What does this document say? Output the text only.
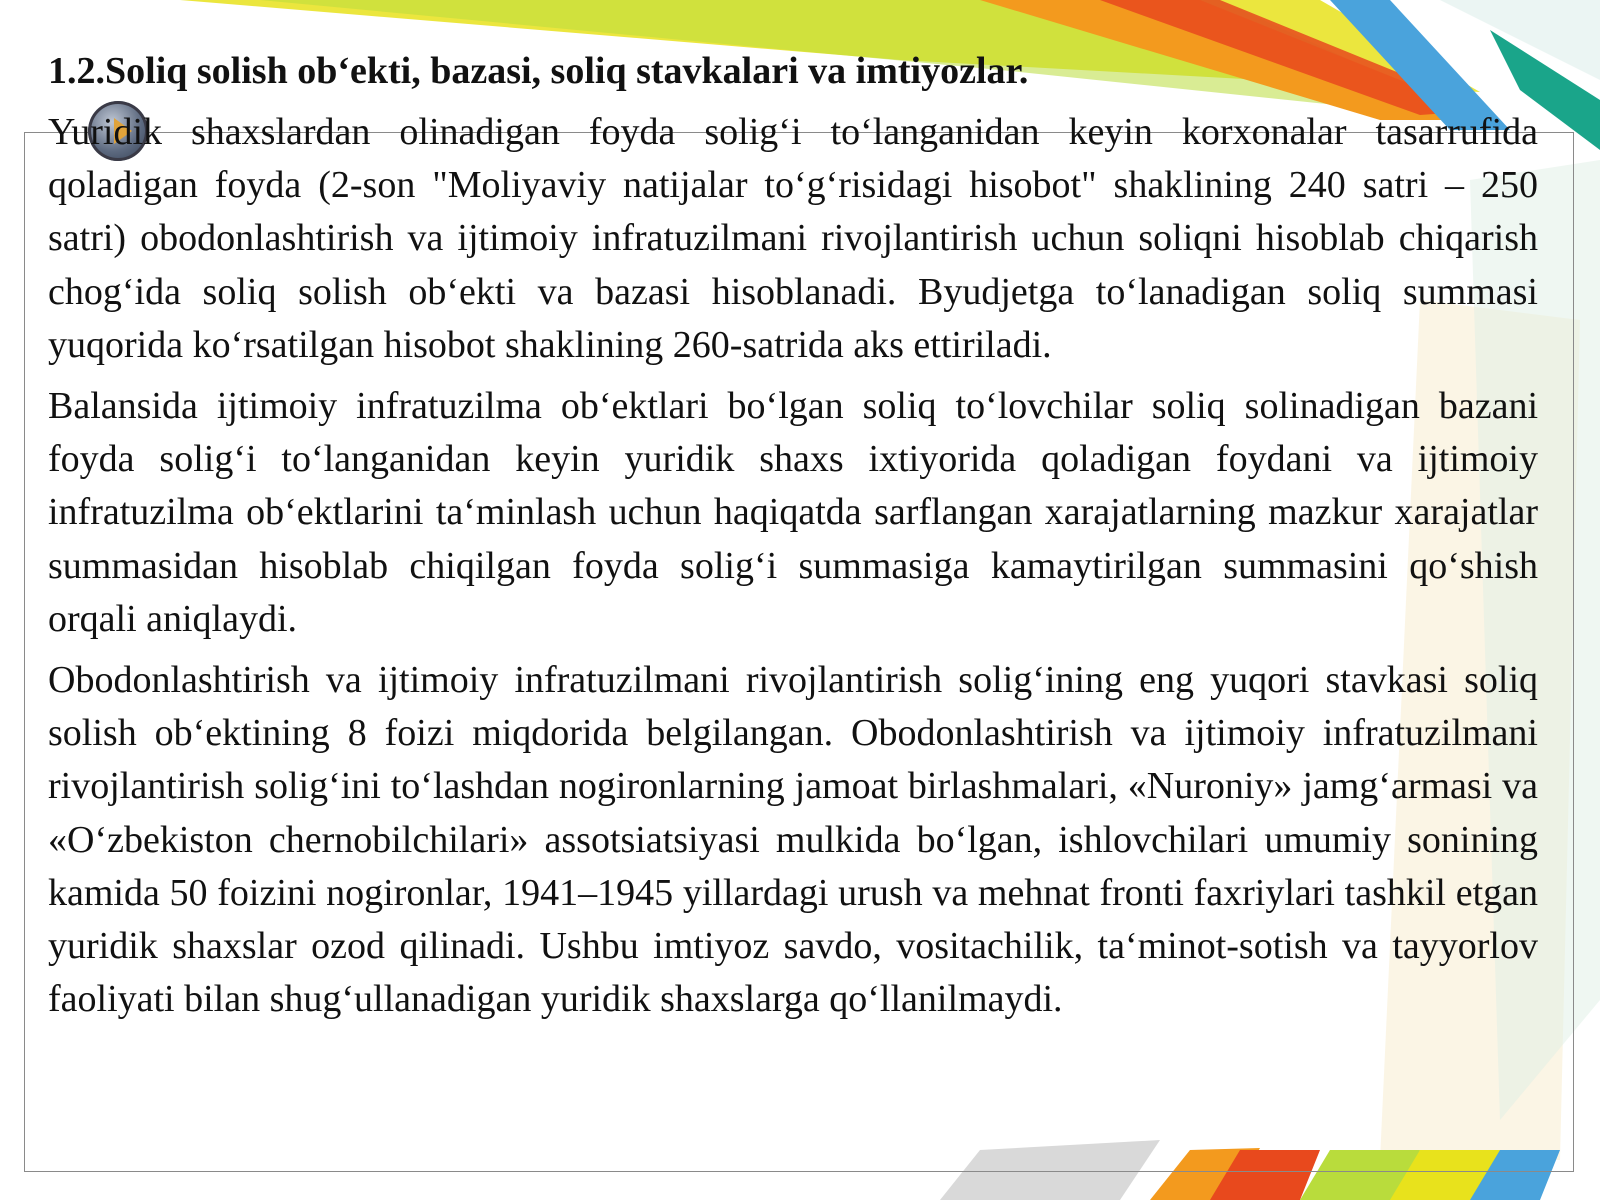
1.2.Soliq solish ob‘ekti, bazasi, soliq stavkalari va imtiyozlar.

Yuridik shaxslardan olinadigan foyda solig‘i to‘langanidan keyin korxonalar tasarrufida qoladigan foyda (2-son "Moliyaviy natijalar to‘g‘risidagi hisobot" shaklining 240 satri – 250 satri) obodonlashtirish va ijtimoiy infratuzilmani rivojlantirish uchun soliqni hisoblab chiqarish chog‘ida soliq solish ob‘ekti va bazasi hisoblanadi. Byudjetga to‘lanadigan soliq summasi yuqorida ko‘rsatilgan hisobot shaklining 260-satrida aks ettiriladi.

Balansida ijtimoiy infratuzilma ob‘ektlari bo‘lgan soliq to‘lovchilar soliq solinadigan bazani foyda solig‘i to‘langanidan keyin yuridik shaxs ixtiyorida qoladigan foydani va ijtimoiy infratuzilma ob‘ektlarini ta‘minlash uchun haqiqatda sarflangan xarajatlarning mazkur xarajatlar summasidan hisoblab chiqilgan foyda solig‘i summasiga kamaytirilgan summasini qo‘shish orqali aniqlaydi.

Obodonlashtirish va ijtimoiy infratuzilmani rivojlantirish solig‘ining eng yuqori stavkasi soliq solish ob‘ektining 8 foizi miqdorida belgilangan. Obodonlashtirish va ijtimoiy infratuzilmani rivojlantirish solig‘ini to‘lashdan nogironlarning jamoat birlashmalari, «Nuroniy» jamg‘armasi va «O‘zbekiston chernobilchilari» assotsiatsiyasi mulkida bo‘lgan, ishlovchilari umumiy sonining kamida 50 foizini nogironlar, 1941–1945 yillardagi urush va mehnat fronti faxriylari tashkil etgan yuridik shaxslar ozod qilinadi. Ushbu imtiyoz savdo, vositachilik, ta‘minot-sotish va tayyorlov faoliyati bilan shug‘ullanadigan yuridik shaxslarga qo‘llanilmaydi.
